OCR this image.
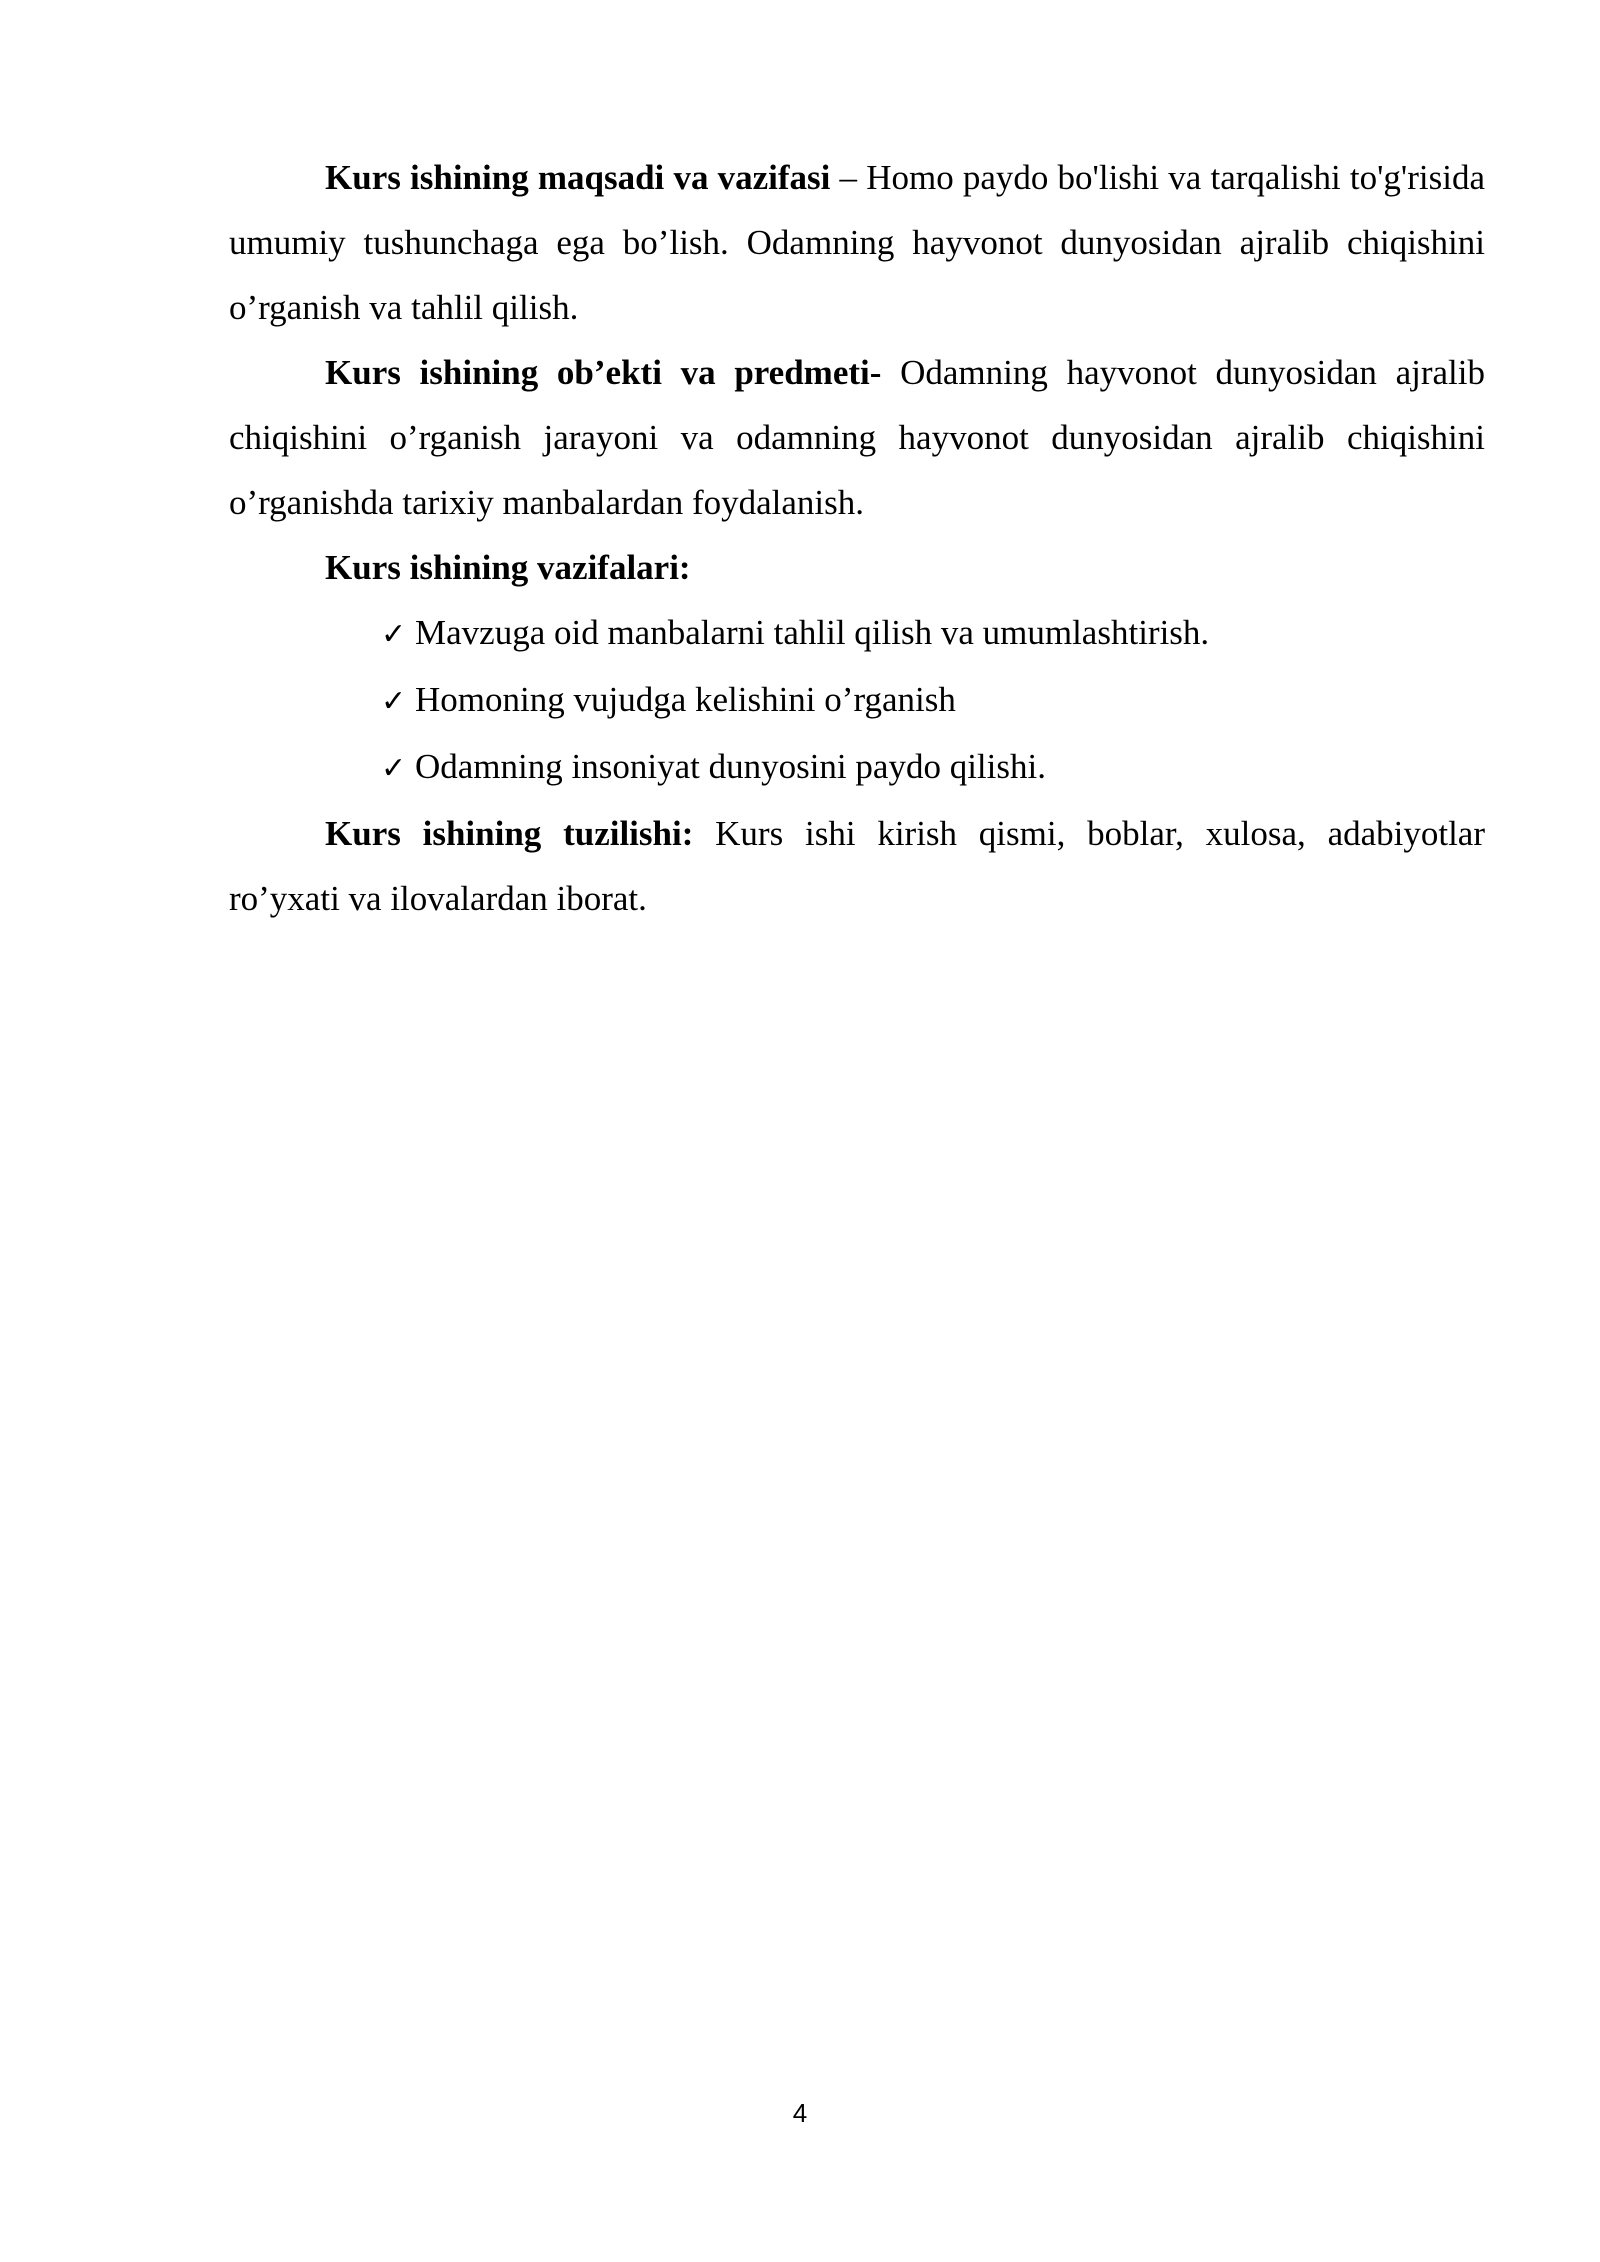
Kurs ishining maqsadi va vazifasi – Homo paydo bo'lishi va tarqalishi to'g'risida umumiy tushunchaga ega bo’lish. Odamning hayvonot dunyosidan ajralib chiqishini o’rganish va tahlil qilish.

Kurs ishining ob’ekti va predmeti- Odamning hayvonot dunyosidan ajralib chiqishini o’rganish jarayoni va odamning hayvonot dunyosidan ajralib chiqishini o’rganishda tarixiy manbalardan foydalanish.

Kurs ishining vazifalari:

✓ Mavzuga oid manbalarni tahlil qilish va umumlashtirish.
✓ Homoning vujudga kelishini o’rganish
✓ Odamning insoniyat dunyosini paydo qilishi.

Kurs ishining tuzilishi: Kurs ishi kirish qismi, boblar, xulosa, adabiyotlar ro’yxati va ilovalardan iborat.

4
